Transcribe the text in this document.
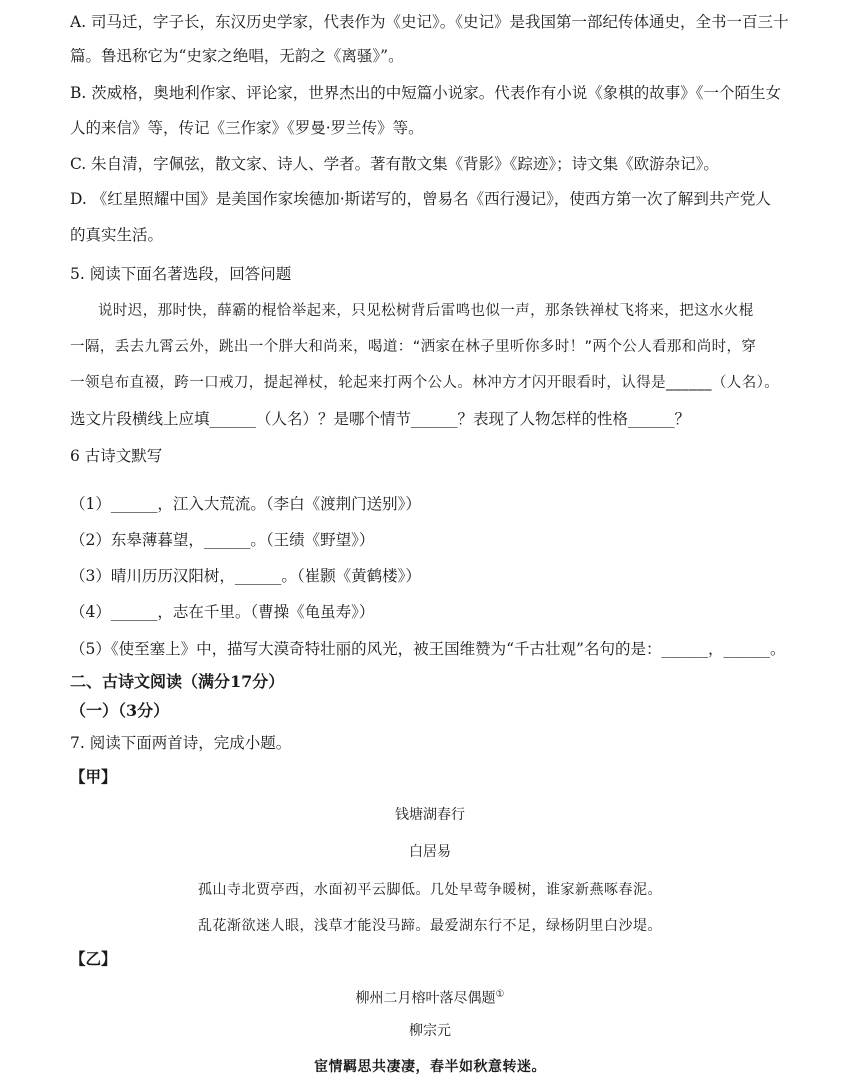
A. 司马迁，字子长，东汉历史学家，代表作为《史记》。《史记》是我国第一部纪传体通史，全书一百三十
篇。鲁迅称它为“史家之绝唱，无韵之《离骚》”。
B. 茨威格，奥地利作家、评论家，世界杰出的中短篇小说家。代表作有小说《象棋的故事》《一个陌生女
人的来信》等，传记《三作家》《罗曼·罗兰传》等。
C. 朱自清，字佩弦，散文家、诗人、学者。著有散文集《背影》《踪迹》；诗文集《欧游杂记》。
D. 《红星照耀中国》是美国作家埃德加·斯诺写的，曾易名《西行漫记》，使西方第一次了解到共产党人
的真实生活。
5. 阅读下面名著选段，回答问题
说时迟，那时快，薛霸的棍恰举起来，只见松树背后雷鸣也似一声，那条铁禅杖飞将来，把这水火棍
一隔，丢去九霄云外，跳出一个胖大和尚来，喝道：“洒家在林子里听你多时！”两个公人看那和尚时，穿
一领皂布直裰，跨一口戒刀，提起禅杖，轮起来打两个公人。林冲方才闪开眼看时，认得是______（人名）。
选文片段横线上应填______（人名）？是哪个情节______？表现了人物怎样的性格______？
6 古诗文默写
（1）______，江入大荒流。（李白《渡荆门送别》）
（2）东皋薄暮望，______。（王绩《野望》）
（3）晴川历历汉阳树，______。（崔颢《黄鹤楼》）
（4）______，志在千里。（曹操《龟虽寿》）
（5）《使至塞上》中，描写大漠奇特壮丽的风光，被王国维赞为“千古壮观”名句的是：______，______。
二、古诗文阅读（满分17分）
（一）（3分）
7. 阅读下面两首诗，完成小题。
【甲】
钱塘湖春行
白居易
孤山寺北贾亭西，水面初平云脚低。几处早莺争暖树，谁家新燕啄春泥。
乱花渐欲迷人眼，浅草才能没马蹄。最爱湖东行不足，绿杨阴里白沙堤。
【乙】
柳州二月榕叶落尽偶题①
柳宗元
宦情羁思共凄凄，春半如秋意转迷。
